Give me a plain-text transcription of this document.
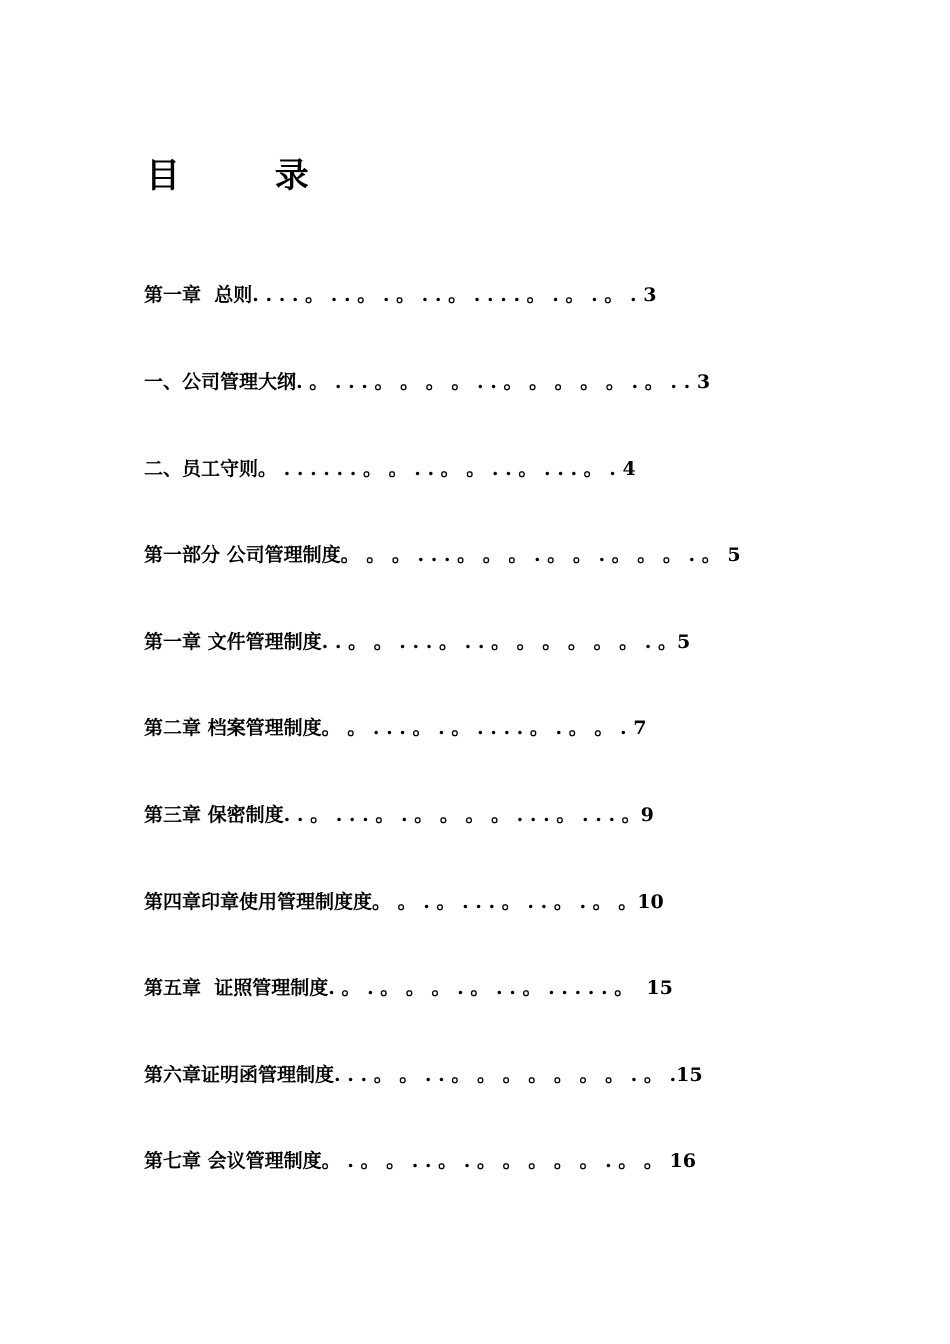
目        录
第一章  总则. . . . 。 . . 。 . 。 . . 。 . . . . 。 . 。 . 。 . 3
一、公司管理大纲. 。 . . . 。 。 。 。 . . 。 。 。 。 。 . 。 . . 3
二、员工守则。 . . . . . . 。 。 . . 。 。 . . 。 . . . 。 . 4
第一部分 公司管理制度。 。 。 . . . 。 。 。 . 。 。 . 。 。 。 . 。 5
第一章 文件管理制度. . 。 。 . . . 。 . . 。 。 。 。 。 。 . 。5
第二章 档案管理制度。 。 . . . 。 . 。 . . . . 。 . 。 。 . 7
第三章 保密制度. . 。 . . . 。 . 。 。 。 。 . . . 。 . . . 。9
第四章印章使用管理制度度。 。 . 。 . . . 。 . . 。 . 。 。10
第五章  证照管理制度. 。 . 。 。 。 . 。 . . 。 . . . . . 。  15
第六章证明函管理制度. . . 。 。 . . 。 。 。 。 。 。 。 . 。 .15
第七章 会议管理制度。 . 。 。 . . 。 . 。 。 。 。 。 . 。 。 16
